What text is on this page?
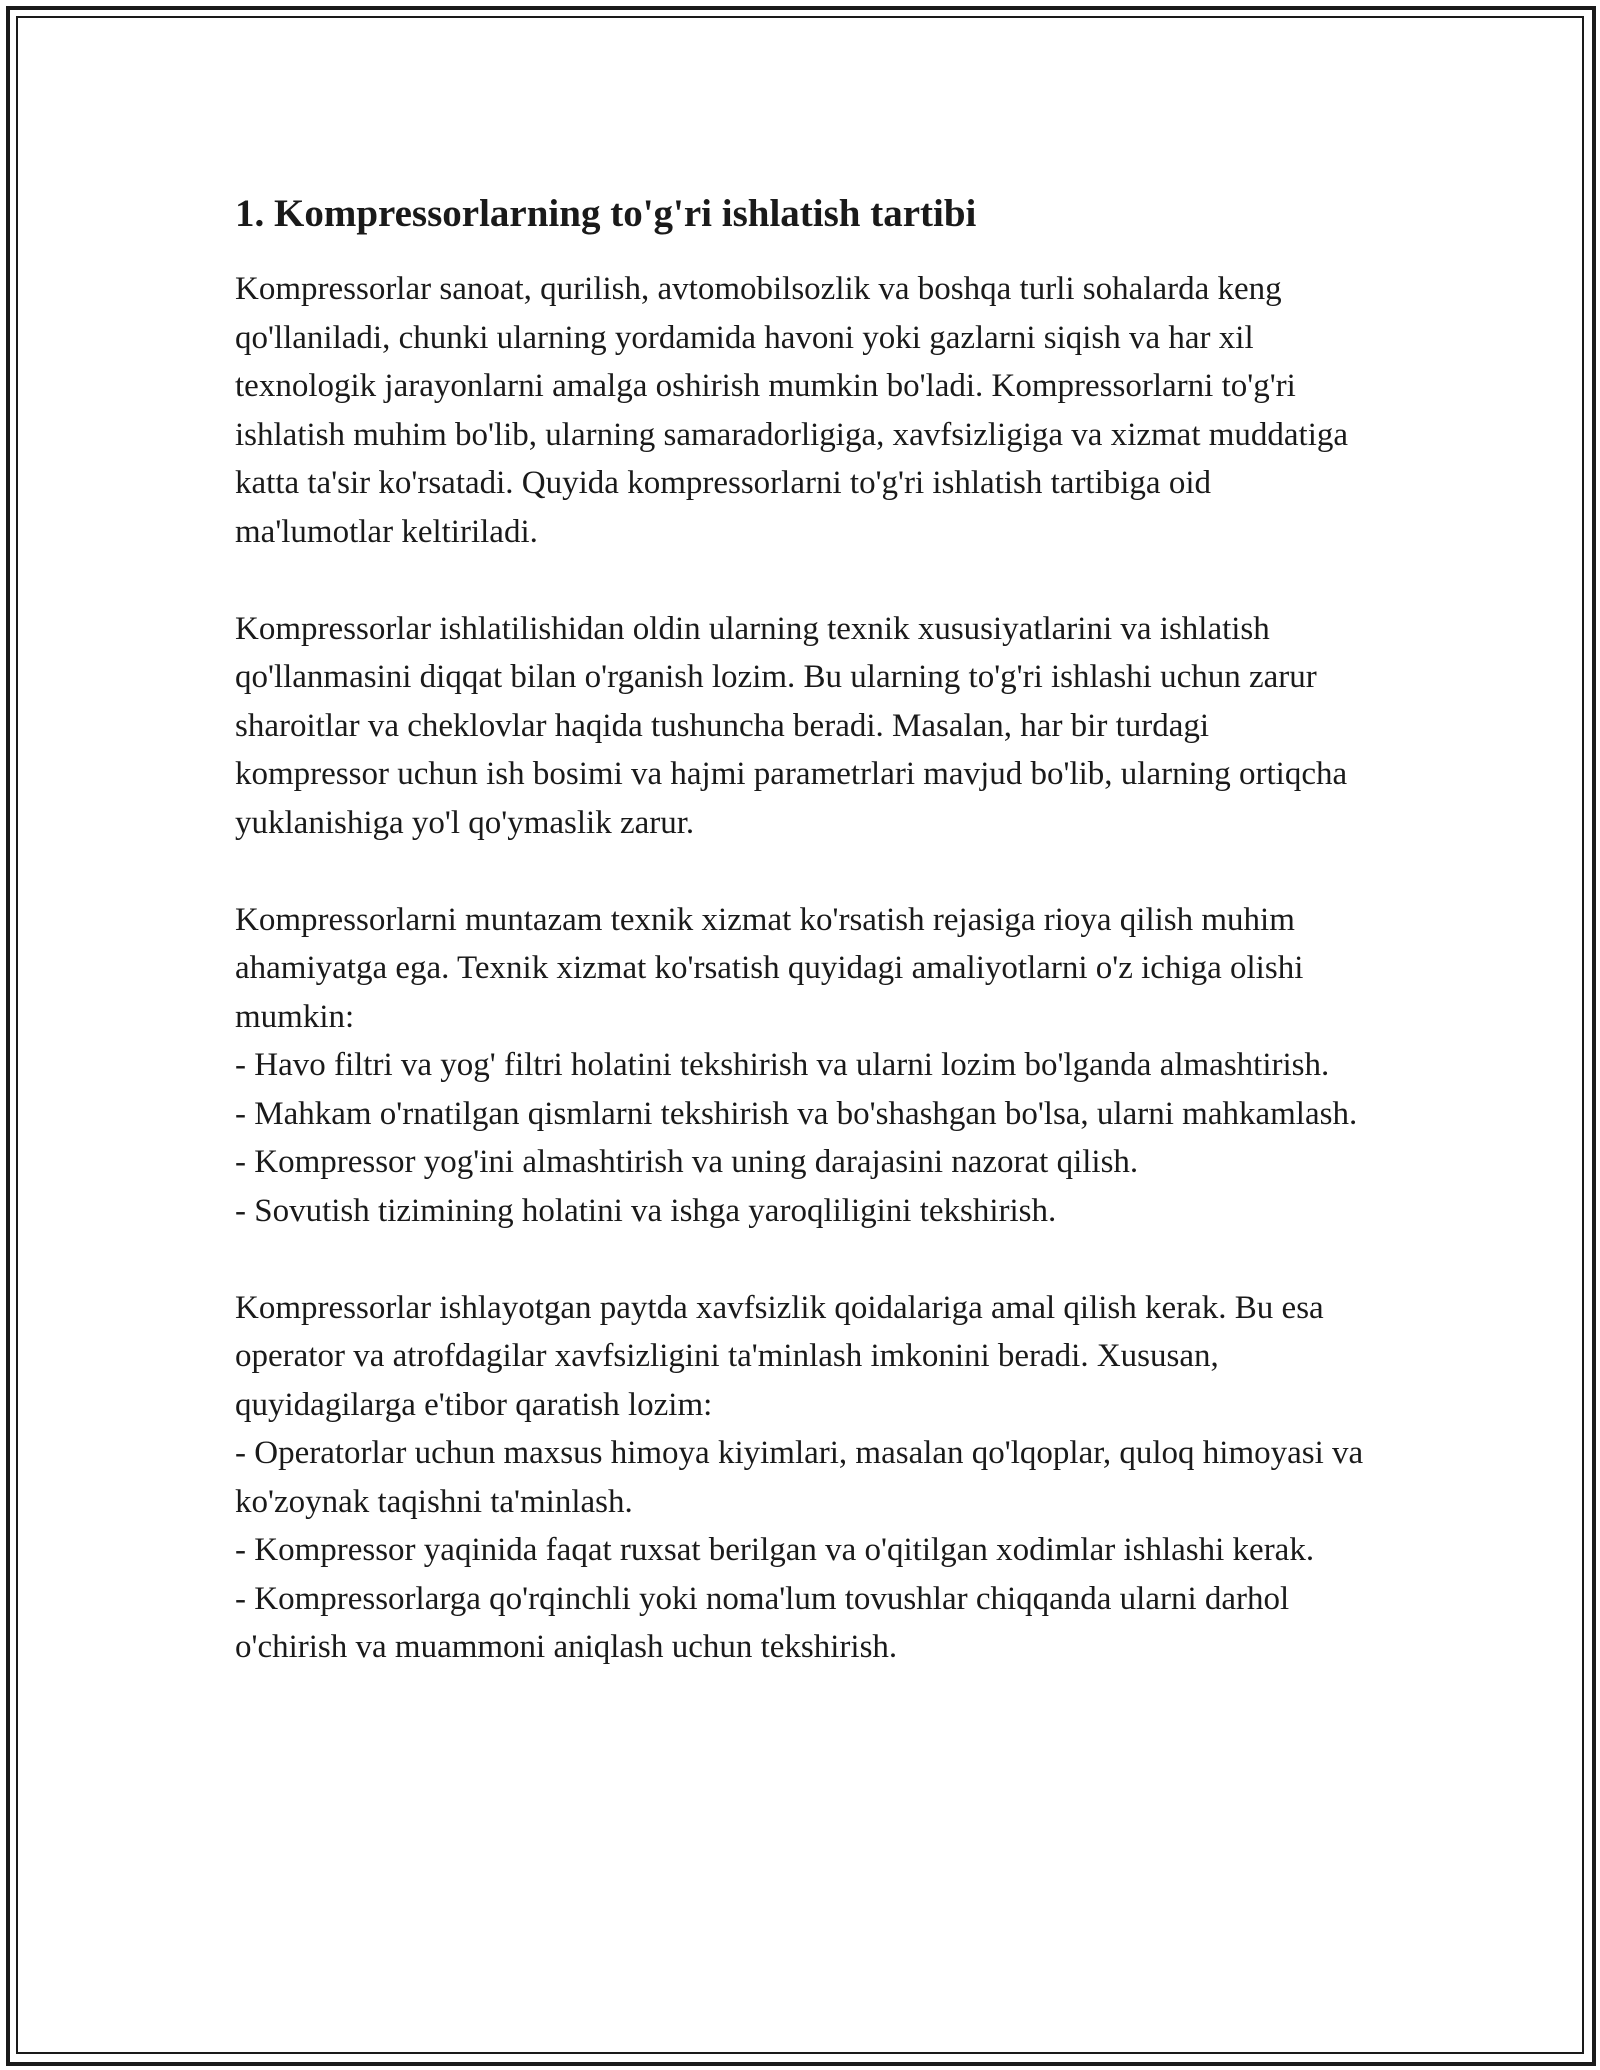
1. Kompressorlarning to'g'ri ishlatish tartibi

Kompressorlar sanoat, qurilish, avtomobilsozlik va boshqa turli sohalarda keng qo'llaniladi, chunki ularning yordamida havoni yoki gazlarni siqish va har xil texnologik jarayonlarni amalga oshirish mumkin bo'ladi. Kompressorlarni to'g'ri ishlatish muhim bo'lib, ularning samaradorligiga, xavfsizligiga va xizmat muddatiga katta ta'sir ko'rsatadi. Quyida kompressorlarni to'g'ri ishlatish tartibiga oid ma'lumotlar keltiriladi.

Kompressorlar ishlatilishidan oldin ularning texnik xususiyatlarini va ishlatish qo'llanmasini diqqat bilan o'rganish lozim. Bu ularning to'g'ri ishlashi uchun zarur sharoitlar va cheklovlar haqida tushuncha beradi. Masalan, har bir turdagi kompressor uchun ish bosimi va hajmi parametrlari mavjud bo'lib, ularning ortiqcha yuklanishiga yo'l qo'ymaslik zarur.

Kompressorlarni muntazam texnik xizmat ko'rsatish rejasiga rioya qilish muhim ahamiyatga ega. Texnik xizmat ko'rsatish quyidagi amaliyotlarni o'z ichiga olishi mumkin:

- Havo filtri va yog' filtri holatini tekshirish va ularni lozim bo'lganda almashtirish.
- Mahkam o'rnatilgan qismlarni tekshirish va bo'shashgan bo'lsa, ularni mahkamlash.
- Kompressor yog'ini almashtirish va uning darajasini nazorat qilish.
- Sovutish tizimining holatini va ishga yaroqliligini tekshirish.

Kompressorlar ishlayotgan paytda xavfsizlik qoidalariga amal qilish kerak. Bu esa operator va atrofdagilar xavfsizligini ta'minlash imkonini beradi. Xususan, quyidagilarga e'tibor qaratish lozim:

- Operatorlar uchun maxsus himoya kiyimlari, masalan qo'lqoplar, quloq himoyasi va ko'zoynak taqishni ta'minlash.
- Kompressor yaqinida faqat ruxsat berilgan va o'qitilgan xodimlar ishlashi kerak.
- Kompressorlarga qo'rqinchli yoki noma'lum tovushlar chiqqanda ularni darhol o'chirish va muammoni aniqlash uchun tekshirish.
